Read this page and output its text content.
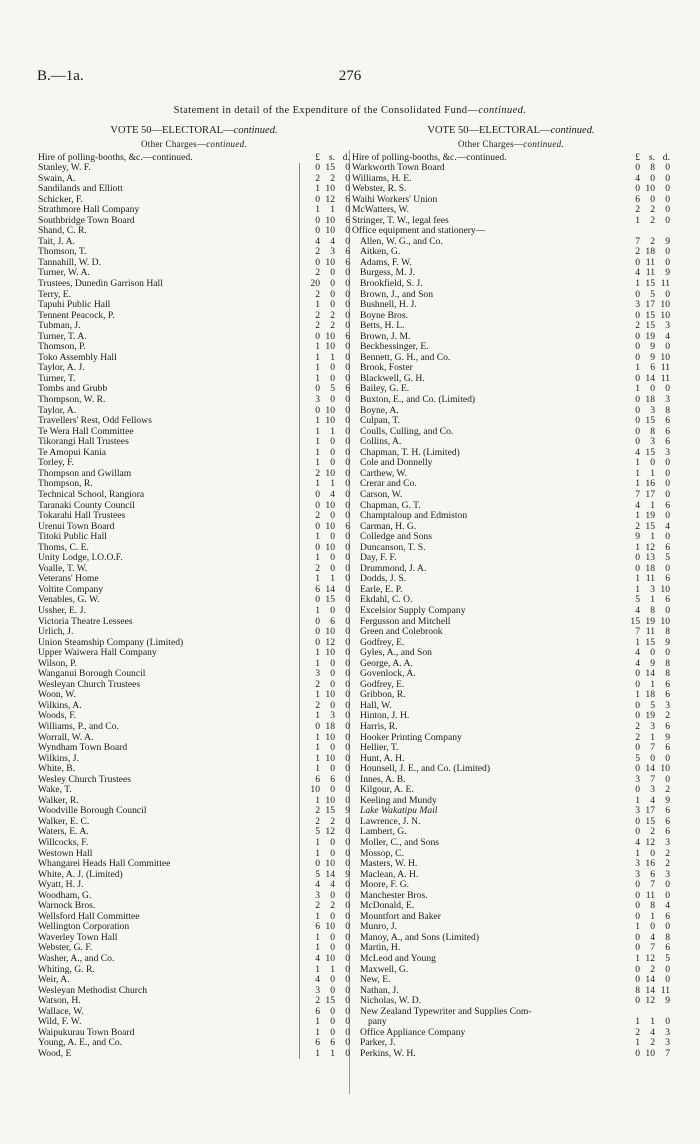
B.—1a.	276
Statement in detail of the Expenditure of the Consolidated Fund—continued.
VOTE 50—ELECTORAL—continued.
Other Charges—continued.
Hire of polling-booths, &c.—continued.	£ s. d.
Stanley, W. F.	0 15	0
Swain, A.	2	2	0
Sandilands and Elliott	1 10	0
Schicker, F.	0 12	6
Strathmore Hall Company	1	1	0
Southbridge Town Board	0 10	6
Shand, C. R.	0 10	0
Tait, J. A.	4	4	0
Thomson, T.	2	3	6
Tannahill, W. D.	0 10	6
Turner, W. A.	2	0	0
Trustees, Dunedin Garrison Hall	20	0	0
Terry, E.	2	0	0
Tapuhi Public Hall	1	0	0
Tennent Peacock, P.	2	2	0
Tubman, J.	2	2	0
Turner, T. A.	0 10	6
Thomson, P.	1 10	0
Toko Assembly Hall	1	1	0
Taylor, A. J.	1	0	0
Turner, T.	1	0	0
Tombs and Grubb	0	5	6
Thompson, W. R.	3	0	0
Taylor, A.	0 10	0
Travellers' Rest, Odd Fellows	1 10	0
Te Wera Hall Committee	1	1	0
Tikorangi Hall Trustees	1	0	0
Te Amopui Kania	1	0	0
Torley, F.	1	0	0
Thompson and Gwillam	2 10	0
Thompson, R.	1	1	0
Technical School, Rangiora	0	4	0
Taranaki County Council	0 10	0
Tokarahi Hall Trustees	2	0	0
Urenui Town Board	0 10	6
Titoki Public Hall	1	0	0
Thoms, C. E.	0 10	0
Unity Lodge, I.O.O.F.	1	0	0
Voalle, T. W.	2	0	0
Veterans' Home	1	1	0
Voltite Company	6 14	0
Venables, G. W.	0 15	0
Ussher, E. J.	1	0	0
Victoria Theatre Lessees	0	6	0
Urlich, J.	0 10	0
Union Steamship Company (Limited)	0 12	0
Upper Waiwera Hall Company	1 10	0
Wilson, P.	1	0	0
Wanganui Borough Council	3	0	0
Wesleyan Church Trustees	2	0	0
Woon, W.	1 10	0
Wilkins, A.	2	0	0
Woods, F.	1	3	0
Williams, P., and Co.	0 18	0
Worrall, W. A.	1 10	0
Wyndham Town Board	1	0	0
Wilkins, J.	1 10	0
White, B.	1	0	0
Wesley Church Trustees	6	6	0
Wake, T.	10	0	0
Walker, R.	1 10	0
Woodville Borough Council	2 15	9
Walker, E. C.	2	2	0
Waters, E. A.	5 12	0
Willcocks, F.	1	0	0
Westown Hall	1	0	0
Whangarei Heads Hall Committee	0 10	0
White, A. J. (Limited)	5 14	9
Wyatt, H. J.	4	4	0
Woodham, G.	3	0	0
Warnock Bros.	2	2	0
Wellsford Hall Committee	1	0	0
Wellington Corporation	6 10	0
Waverley Town Hall	1	0	0
Webster, G. F.	1	0	0
Washer, A., and Co.	4 10	0
Whiting, G. R.	1	1	0
Weir, A.	4	0	0
Wesleyan Methodist Church	3	0	0
Watson, H.	2 15	0
Wallace, W.	6	0	0
Wild, F. W.	1	0	0
Waipukurau Town Board	1	0	0
Young, A. E., and Co.	6	6	0
Wood, E	1	1	0
VOTE 50—ELECTORAL—continued.
Other Charges—continued.
Hire of polling-booths, &c.—continued.	£ s. d.
Warkworth Town Board	0	8	0
Williams, H. E.	4	0	0
Webster, R. S.	0 10	0
Waihi Workers' Union	6	0	0
McWatters, W.	2	2	0
Stringer, T. W., legal fees	1	2	0
Office equipment and stationery—
Allen, W. G., and Co.	7	2	9
Aitken, G.	2 18	0
Adams, F. W.	0 11	0
Burgess, M. J.	4 11	9
Brookfield, S. J.	1 15 11
Brown, J., and Son	0	5	0
Bushnell, H. J.	3 17 10
Boyne Bros.	0 15 10
Betts, H. L.	2 15	3
Brown, J. M.	0 19	4
Beckbessinger, E.	0	9	0
Bennett, G. H., and Co.	0	9 10
Brook, Foster	1	6 11
Blackwell, G. H.	0 14 11
Bailey, G. E.	1	0	0
Buxton, E., and Co. (Limited)	0 18	3
Boyne, A.	0	3	8
Culpan, T.	0 15	6
Coulls, Culling, and Co.	0	8	6
Collins, A.	0	3	6
Chapman, T. H. (Limited)	4 15	3
Cole and Donnelly	1	0	0
Carthew, W.	1	1	0
Crerar and Co.	1 16	0
Carson, W.	7 17	0
Chapman, G. T.	4	1	6
Champtaloup and Edmiston	1 19	0
Carman, H. G.	2 15	4
Colledge and Sons	9	1	0
Duncanson, T. S.	1 12	6
Day, F. F.	0 13	5
Drummond, J. A.	0 18	0
Dodds, J. S.	1 11	6
Earle, E. P.	1	3 10
Ekdahl, C. O.	5	1	6
Excelsior Supply Company	4	8	0
Fergusson and Mitchell	15 19 10
Green and Colebrook	7 11	8
Godfrey, E.	1 15	9
Gyles, A., and Son	4	0	0
George, A. A.	4	9	8
Govenlock, A.	0 14	8
Godfrey, E.	0	1	6
Gribbon, R.	1 18	6
Hall, W.	0	5	3
Hinton, J. H.	0 19	2
Harris, R.	2	3	6
Hooker Printing Company	2	1	9
Hellier, T.	0	7	6
Hunt, A. H.	5	0	0
Hounsell, J. E., and Co. (Limited)	0 14 10
Innes, A. B.	3	7	0
Kilgour, A. E.	0	3	2
Keeling and Mundy	1	4	9
Lake Wakatipu Mail	3 17	6
Lawrence, J. N.	0 15	6
Lambert, G.	0	2	6
Moller, C., and Sons	4 12	3
Mossop, C.	1	0	2
Masters, W. H.	3 16	2
Maclean, A. H.	3	6	3
Moore, F. G.	0	7	0
Manchester Bros.	0 11	0
McDonald, E.	0	8	4
Mountfort and Baker	0	1	6
Munro, J.	1	0	0
Manoy, A., and Sons (Limited)	0	4	8
Martin, H.	0	7	6
McLeod and Young	1 12	5
Maxwell, G.	0	2	0
New, E.	0 14	0
Nathan, J.	8 14 11
Nicholas, W. D.	0 12	9
New Zealand Typewriter and Supplies Com-
pany	1	1	0
Office Appliance Company	2	4	3
Parker, J.	1	2	3
Perkins, W. H.	0 10	7
